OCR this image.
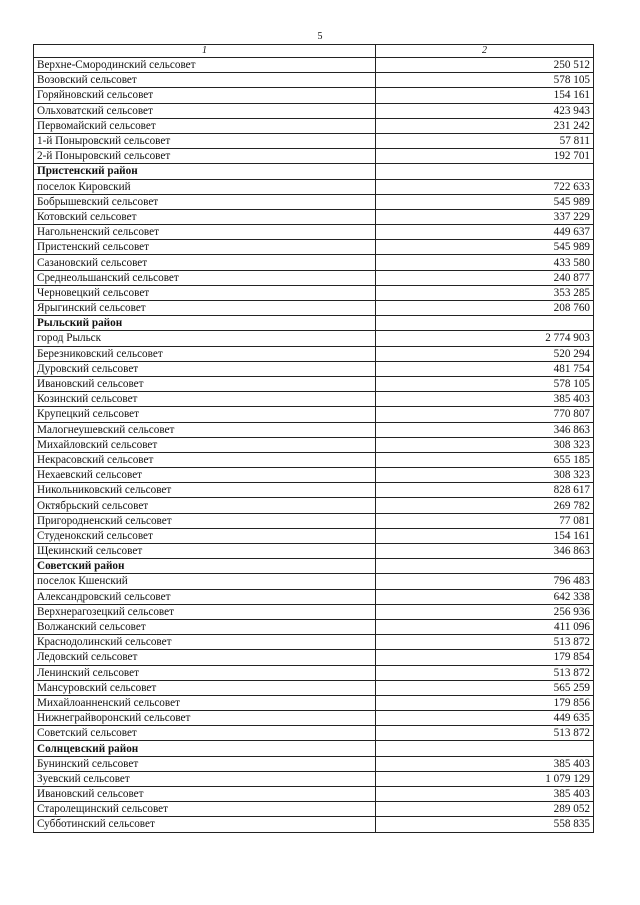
5
1	2
Верхне-Смородинский сельсовет	250 512
Возовский сельсовет	578 105
Горяйновский сельсовет	154 161
Ольховатский сельсовет	423 943
Первомайский сельсовет	231 242
1-й Поныровский сельсовет	57 811
2-й Поныровский сельсовет	192 701
Пристенский район	
поселок Кировский	722 633
Бобрышевский сельсовет	545 989
Котовский сельсовет	337 229
Нагольненский сельсовет	449 637
Пристенский сельсовет	545 989
Сазановский сельсовет	433 580
Среднеольшанский сельсовет	240 877
Черновецкий сельсовет	353 285
Ярыгинский сельсовет	208 760
Рыльский район	
город Рыльск	2 774 903
Березниковский сельсовет	520 294
Дуровский сельсовет	481 754
Ивановский сельсовет	578 105
Козинский сельсовет	385 403
Крупецкий сельсовет	770 807
Малогнеушевский сельсовет	346 863
Михайловский сельсовет	308 323
Некрасовский сельсовет	655 185
Нехаевский сельсовет	308 323
Никольниковский сельсовет	828 617
Октябрьский сельсовет	269 782
Пригородненский сельсовет	77 081
Студенокский сельсовет	154 161
Щекинский сельсовет	346 863
Советский район	
поселок Кшенский	796 483
Александровский сельсовет	642 338
Верхнерагозецкий сельсовет	256 936
Волжанский сельсовет	411 096
Краснодолинский сельсовет	513 872
Ледовский сельсовет	179 854
Ленинский сельсовет	513 872
Мансуровский сельсовет	565 259
Михайлоанненский сельсовет	179 856
Нижнеграйворонский сельсовет	449 635
Советский сельсовет	513 872
Солнцевский район	
Бунинский сельсовет	385 403
Зуевский сельсовет	1 079 129
Ивановский сельсовет	385 403
Старолещинский сельсовет	289 052
Субботинский сельсовет	558 835
